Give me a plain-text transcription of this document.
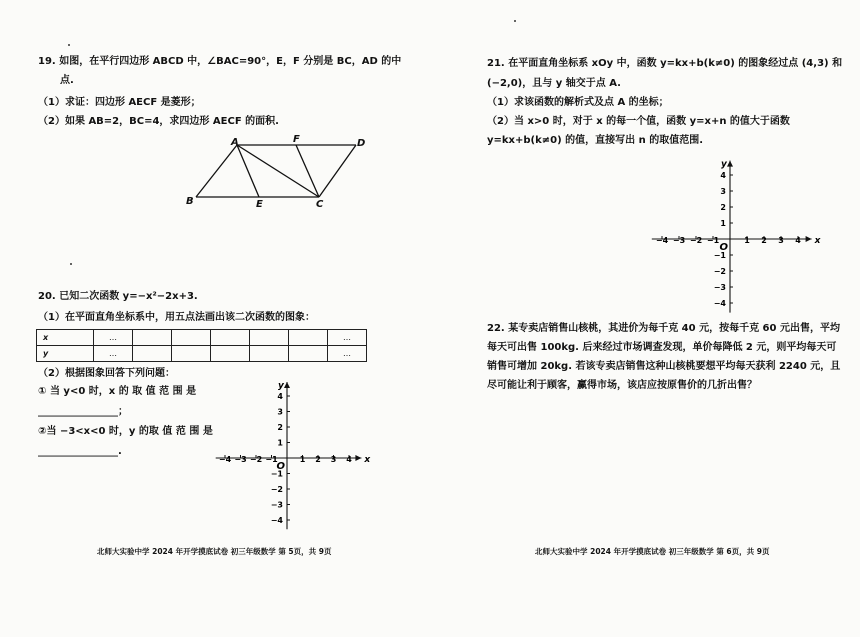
19. 如图，在平行四边形 ABCD 中，∠BAC=90°，E，F 分别是 BC，AD 的中
点.
（1）求证：四边形 AECF 是菱形；
（2）如果 AB=2，BC=4，求四边形 AECF 的面积.
A	F	D
B	E	C
20. 已知二次函数 y=−x²−2x+3.
（1）在平面直角坐标系中，用五点法画出该二次函数的图象：
x	…						…
y	…						…
（2）根据图象回答下列问题：
① 当 y<0 时，x 的 取 值 范 围 是
________________；
②当 −3<x<0 时，y 的取 值 范 围 是
________________.
−4 −3 −2 −1	1 2 3 4
4
3
2
1
−1
−2
−3
−4
O
x
y
北师大实验中学 2024 年开学摸底试卷 初三年级数学 第 5页，共 9页
21. 在平面直角坐标系 xOy 中，函数 y=kx+b(k≠0) 的图象经过点 (4,3) 和
(−2,0)，且与 y 轴交于点 A.
（1）求该函数的解析式及点 A 的坐标；
（2）当 x>0 时，对于 x 的每一个值，函数 y=x+n 的值大于函数
y=kx+b(k≠0) 的值，直接写出 n 的取值范围.
−4 −3 −2 −1	1 2 3 4
4
3
2
1
−1
−2
−3
−4
O
x
y
22. 某专卖店销售山核桃，其进价为每千克 40 元，按每千克 60 元出售，平均
每天可出售 100kg. 后来经过市场调查发现，单价每降低 2 元，则平均每天可
销售可增加 20kg. 若该专卖店销售这种山核桃要想平均每天获利 2240 元，且
尽可能让利于顾客，赢得市场，该店应按原售价的几折出售？
北师大实验中学 2024 年开学摸底试卷 初三年级数学 第 6页，共 9页
